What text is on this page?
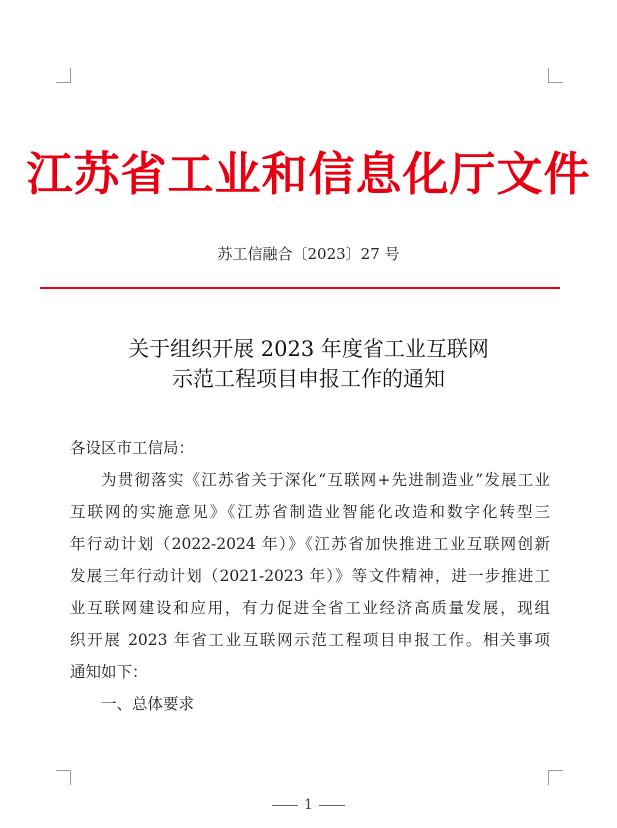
江苏省工业和信息化厅文件
苏工信融合〔2023〕27 号
关于组织开展 2023 年度省工业互联网
示范工程项目申报工作的通知
各设区市工信局：
为贯彻落实《江苏省关于深化“互联网+先进制造业”发展工业
互联网的实施意见》《江苏省制造业智能化改造和数字化转型三
年行动计划（2022-2024 年）》《江苏省加快推进工业互联网创新
发展三年行动计划（2021-2023 年）》等文件精神，进一步推进工
业互联网建设和应用，有力促进全省工业经济高质量发展，现组
织开展 2023 年省工业互联网示范工程项目申报工作。相关事项
通知如下：
一、总体要求
1
